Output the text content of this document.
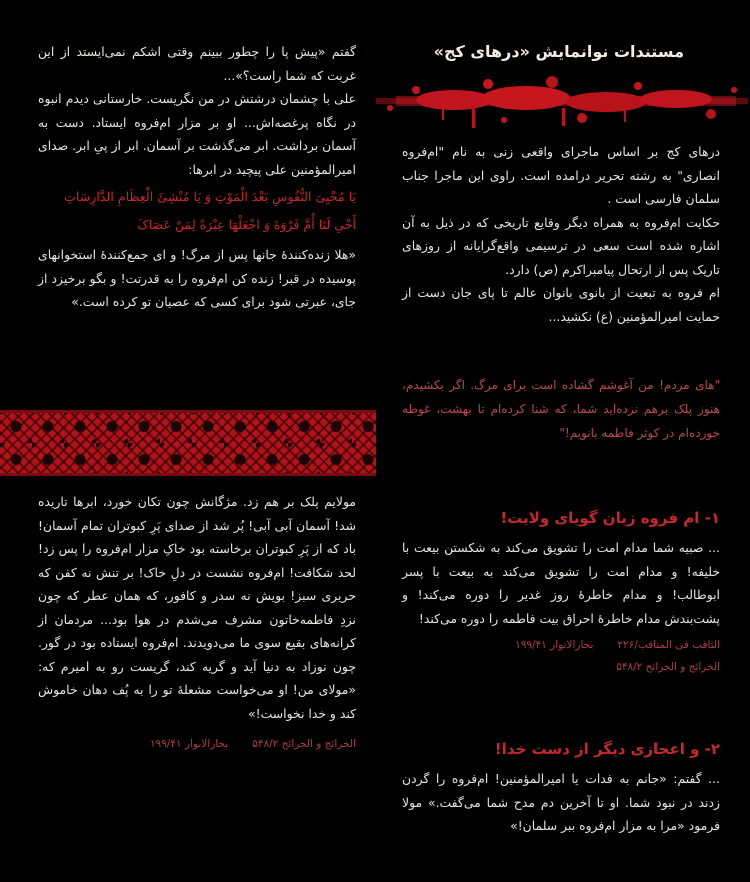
گفتم «پیش پا را چطور ببینم وقتی اشکم نمی‌ایستد از این غربت که شما راست؟»...

علی با چشمان درشتش در من نگریست. خارستانی دیدم انبوه در نگاه پرغصه‌اش... او بر مزار ام‌فروه ایستاد. دست به آسمان برداشت. ابر می‌گذشت بر آسمان. ابر از پیِ ابر. صدای امیرالمؤمنین علی پیچید در ابرها:

یَا مُحْیِیَ النُّفُوسِ بَعْدَ الْمَوْتِ وَ یَا مُنْشِئَ الْعِظَامِ الدَّارِسَاتِ

أَحْیِ لَنَا أُمَّ فَرْوَةَ وَ اجْعَلْهَا عِبْرَةً لِمَنْ عَصَاکَ

«هلا زنده‌کنندهٔ جانها پس از مرگ! و ای جمع‌کنندهٔ استخوانهای پوسیده در قبر! زنده کن ام‌فروه را به قدرتت! و بگو برخیزد از جای، عبرتی شود برای کسی که عصیان تو کرده است.»

مولایم پلک بر هم زد. مژگانش چون تکان خورد، ابرها تاریده شد! آسمان آبی آبی! پُر شد از صدای پَرِ کبوتران تمام آسمان! باد که از پَرِ کبوتران برخاسته بود خاکِ مزار ام‌فروه را پس زد! لحد شکافت! ام‌فروه نشست در دلِ خاک! بر تنش نه کفن که حریری سبز! بویش نه سدر و کافور، که همان عطر که چون نزدِ فاطمه‌خاتون مشرف می‌شدم در هوا بود... مردمان از کرانه‌های بقیع سوی ما می‌دویدند. ام‌فروه ایستاده بود در گور. چون نوزاد به دنیا آید و گریه کند، گریست رو به امیرم که: «مولای من! او می‌خواست مشعلهٔ تو را به پُف دهان خاموش کند و خدا نخواست!»

الخرائج و الجرائح ۵۴۸/۲

بحارالانوار ۱۹۹/۴۱

مستندات نوانمایش «درهای کج»

درهای کج بر اساس ماجرای واقعی زنی به نام "ام‌فروه انصاری" به رشته تحریر درامده است. راوی این ماجرا جناب سلمان فارسی است .

حکایت ام‌فروه به همراه دیگر وقایع تاریخی که در ذیل به آن اشاره شده است سعی در ترسیمی واقع‌گرایانه از روزهای تاریک پس از ارتحال پیامبراکرم (ص) دارد.

ام فروه به تبعیت از بانوی بانوان عالم تا پای جان دست از حمایت امیرالمؤمنین (ع) نکشید...

"های مردم! من آغوشم گشاده است برای مرگ. اگر بکشیدم، هنوز پلک برهم نزده‌اید شما، که شنا کرده‌ام تا بهشت، غوطه خورده‌ام در کوثر فاطمه بانویم!"

۱- ام فروه زبان گویای ولایت!

... صبیه شما مدام امت را تشویق می‌کند به شکستن بیعت با خلیفه! و مدام امت را تشویق می‌کند به بیعت با پسر ابوطالب! و مدام خاطرهٔ روز غدیر را دوره می‌کند! و پشت‌بندش مدام خاطرهٔ احراق بیت فاطمه را دوره می‌کند!

الثاقب فی المناقب/۲۲۶

بحارالانوار ۱۹۹/۴۱

الخرائج و الجرائح ۵۴۸/۲

۲- و اعجازی دیگر از دست خدا!

... گفتم: «جانم به فدات یا امیرالمؤمنین! ام‌فروه را گردن زدند در نبود شما. او تا آخرین دم مدح شما می‌گفت.» مولا فرمود «مرا به مزار ام‌فروه ببر سلمان!»
